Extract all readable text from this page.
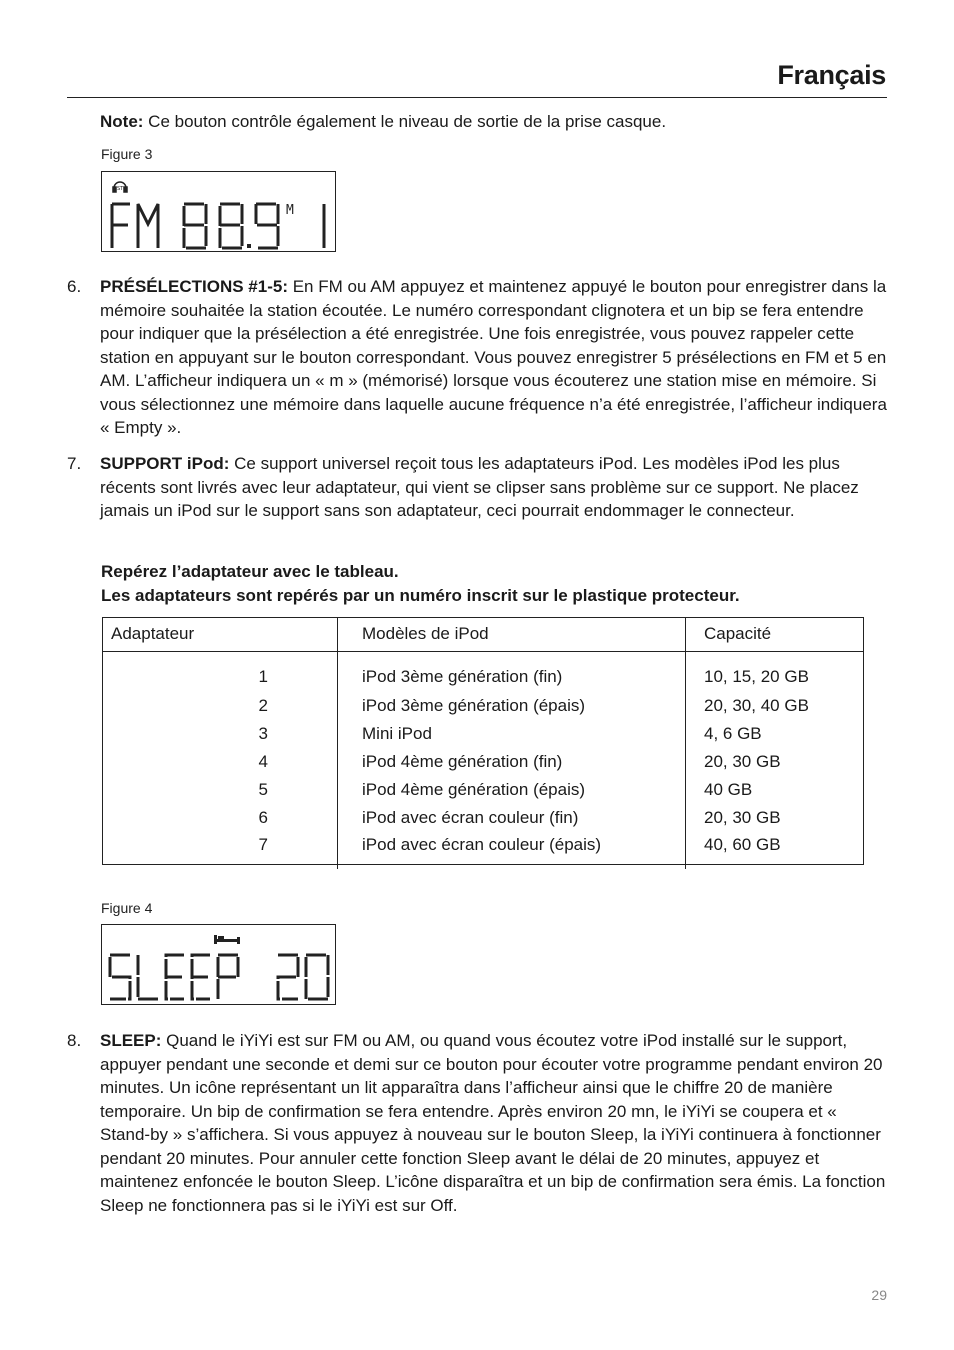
Français
Note: Ce bouton contrôle également le niveau de sortie de la prise casque.
Figure 3
ST
M
6. PRÉSÉLECTIONS #1-5: En FM ou AM appuyez et maintenez appuyé le bouton pour enregistrer dans la mémoire souhaitée la station écoutée. Le numéro correspondant clignotera et un bip se fera entendre pour indiquer que la présélection a été enregistrée. Une fois enregistrée, vous pouvez rappeler cette station en appuyant sur le bouton correspondant. Vous pouvez enregistrer 5 présélections en FM et 5 en AM. L’afficheur indiquera un « m » (mémorisé) lorsque vous écouterez une station mise en mémoire. Si vous sélectionnez une mémoire dans laquelle aucune fréquence n’a été enregistrée, l’afficheur indiquera « Empty ».
7. SUPPORT iPod: Ce support universel reçoit tous les adaptateurs iPod. Les modèles iPod les plus récents sont livrés avec leur adaptateur, qui vient se clipser sans problème sur ce support. Ne placez jamais un iPod sur le support sans son adaptateur, ceci pourrait endommager le connecteur.
Repérez l’adaptateur avec le tableau.
Les adaptateurs sont repérés par un numéro inscrit sur le plastique protecteur.
Adaptateur	Modèles de iPod	Capacité
1	iPod 3ème génération (fin)	10, 15, 20 GB
2	iPod 3ème génération (épais)	20, 30, 40 GB
3	Mini iPod	4, 6 GB
4	iPod 4ème génération (fin)	20, 30 GB
5	iPod 4ème génération (épais)	40 GB
6	iPod avec écran couleur (fin)	20, 30 GB
7	iPod avec écran couleur (épais)	40, 60 GB
Figure 4
8. SLEEP: Quand le iYiYi est sur FM ou AM, ou quand vous écoutez votre iPod installé sur le support, appuyer pendant une seconde et demi sur ce bouton pour écouter votre programme pendant environ 20 minutes. Un icône représentant un lit apparaîtra dans l’afficheur ainsi que le chiffre 20 de manière temporaire. Un bip de confirmation se fera entendre. Après environ 20 mn, le iYiYi se coupera et « Stand-by » s’affichera. Si vous appuyez à nouveau sur le bouton Sleep, la iYiYi continuera à fonctionner pendant 20 minutes. Pour annuler cette fonction Sleep avant le délai de 20 minutes, appuyez et maintenez enfoncée le bouton Sleep. L’icône disparaîtra et un bip de confirmation sera émis. La fonction Sleep ne fonctionnera pas si le iYiYi est sur Off.
29
